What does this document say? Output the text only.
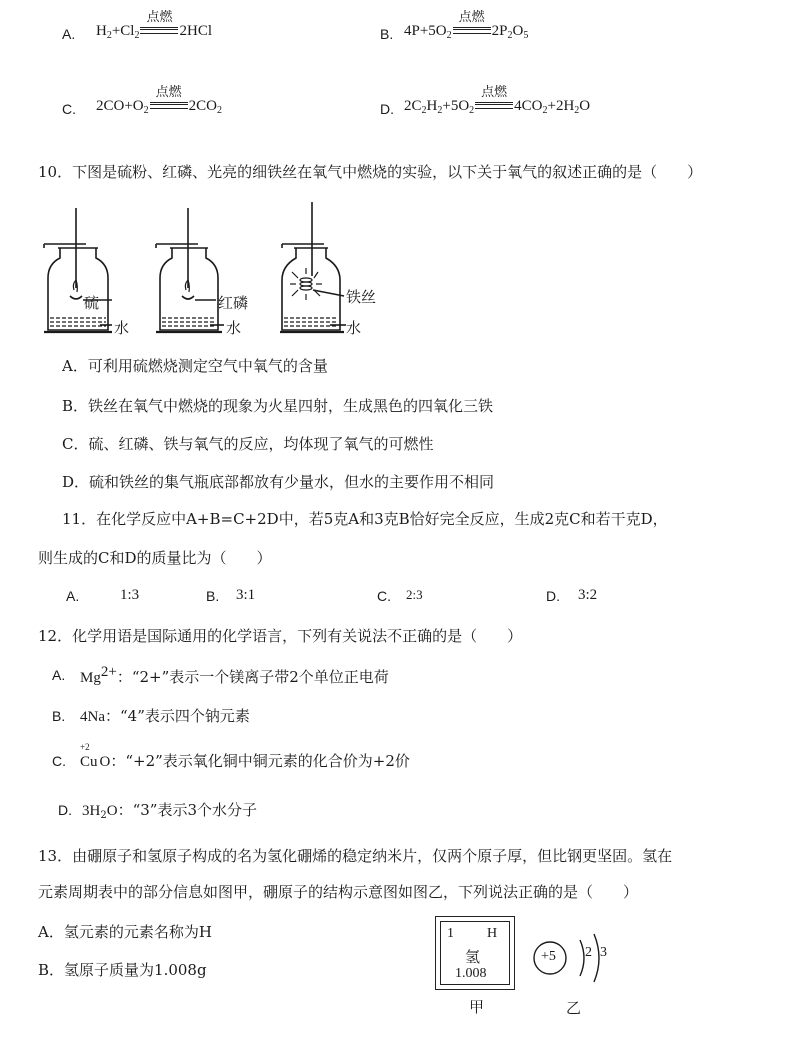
A. $H_2+Cl_2$
点燃
2HCl	B. $4P+5O_2$
点燃
$2P_2O_5$
C. $2CO+O_2$
点燃
$2CO_2$	D. $2C_2H_2+5O_2$
点燃
$4CO_2+2H_2O$
10．下图是硫粉、红磷、光亮的细铁丝在氧气中燃烧的实验，以下关于氧气的叙述正确的是（　　）
硫
水
红磷
水
铁丝
水
A．可利用硫燃烧测定空气中氧气的含量
B．铁丝在氧气中燃烧的现象为火星四射，生成黑色的四氧化三铁
C．硫、红磷、铁与氧气的反应，均体现了氧气的可燃性
D．硫和铁丝的集气瓶底部都放有少量水，但水的主要作用不相同
11．在化学反应中A+B=C+2D中，若5克A和3克B恰好完全反应，生成2克C和若干克D，
则生成的C和D的质量比为（　　）
A.	1:3	B. 3:1	C. 2:3	D. 3:2
12．化学用语是国际通用的化学语言，下列有关说法不正确的是（　　）
A. $Mg^{2+}$：“2+”表示一个镁离子带2个单位正电荷
B. 4Na：“4”表示四个钠元素
C.
+2
Cu O：“+2”表示氧化铜中铜元素的化合价为+2价
D. $3H_2O$：“3”表示3个水分子
13．由硼原子和氢原子构成的名为氢化硼烯的稳定纳米片，仅两个原子厚，但比钢更坚固。氢在
元素周期表中的部分信息如图甲，硼原子的结构示意图如图乙，下列说法正确的是（　　）
A．氢元素的元素名称为H
B．氢原子质量为1.008g
1 H
氢
1.008
甲
+5 2 3
乙
